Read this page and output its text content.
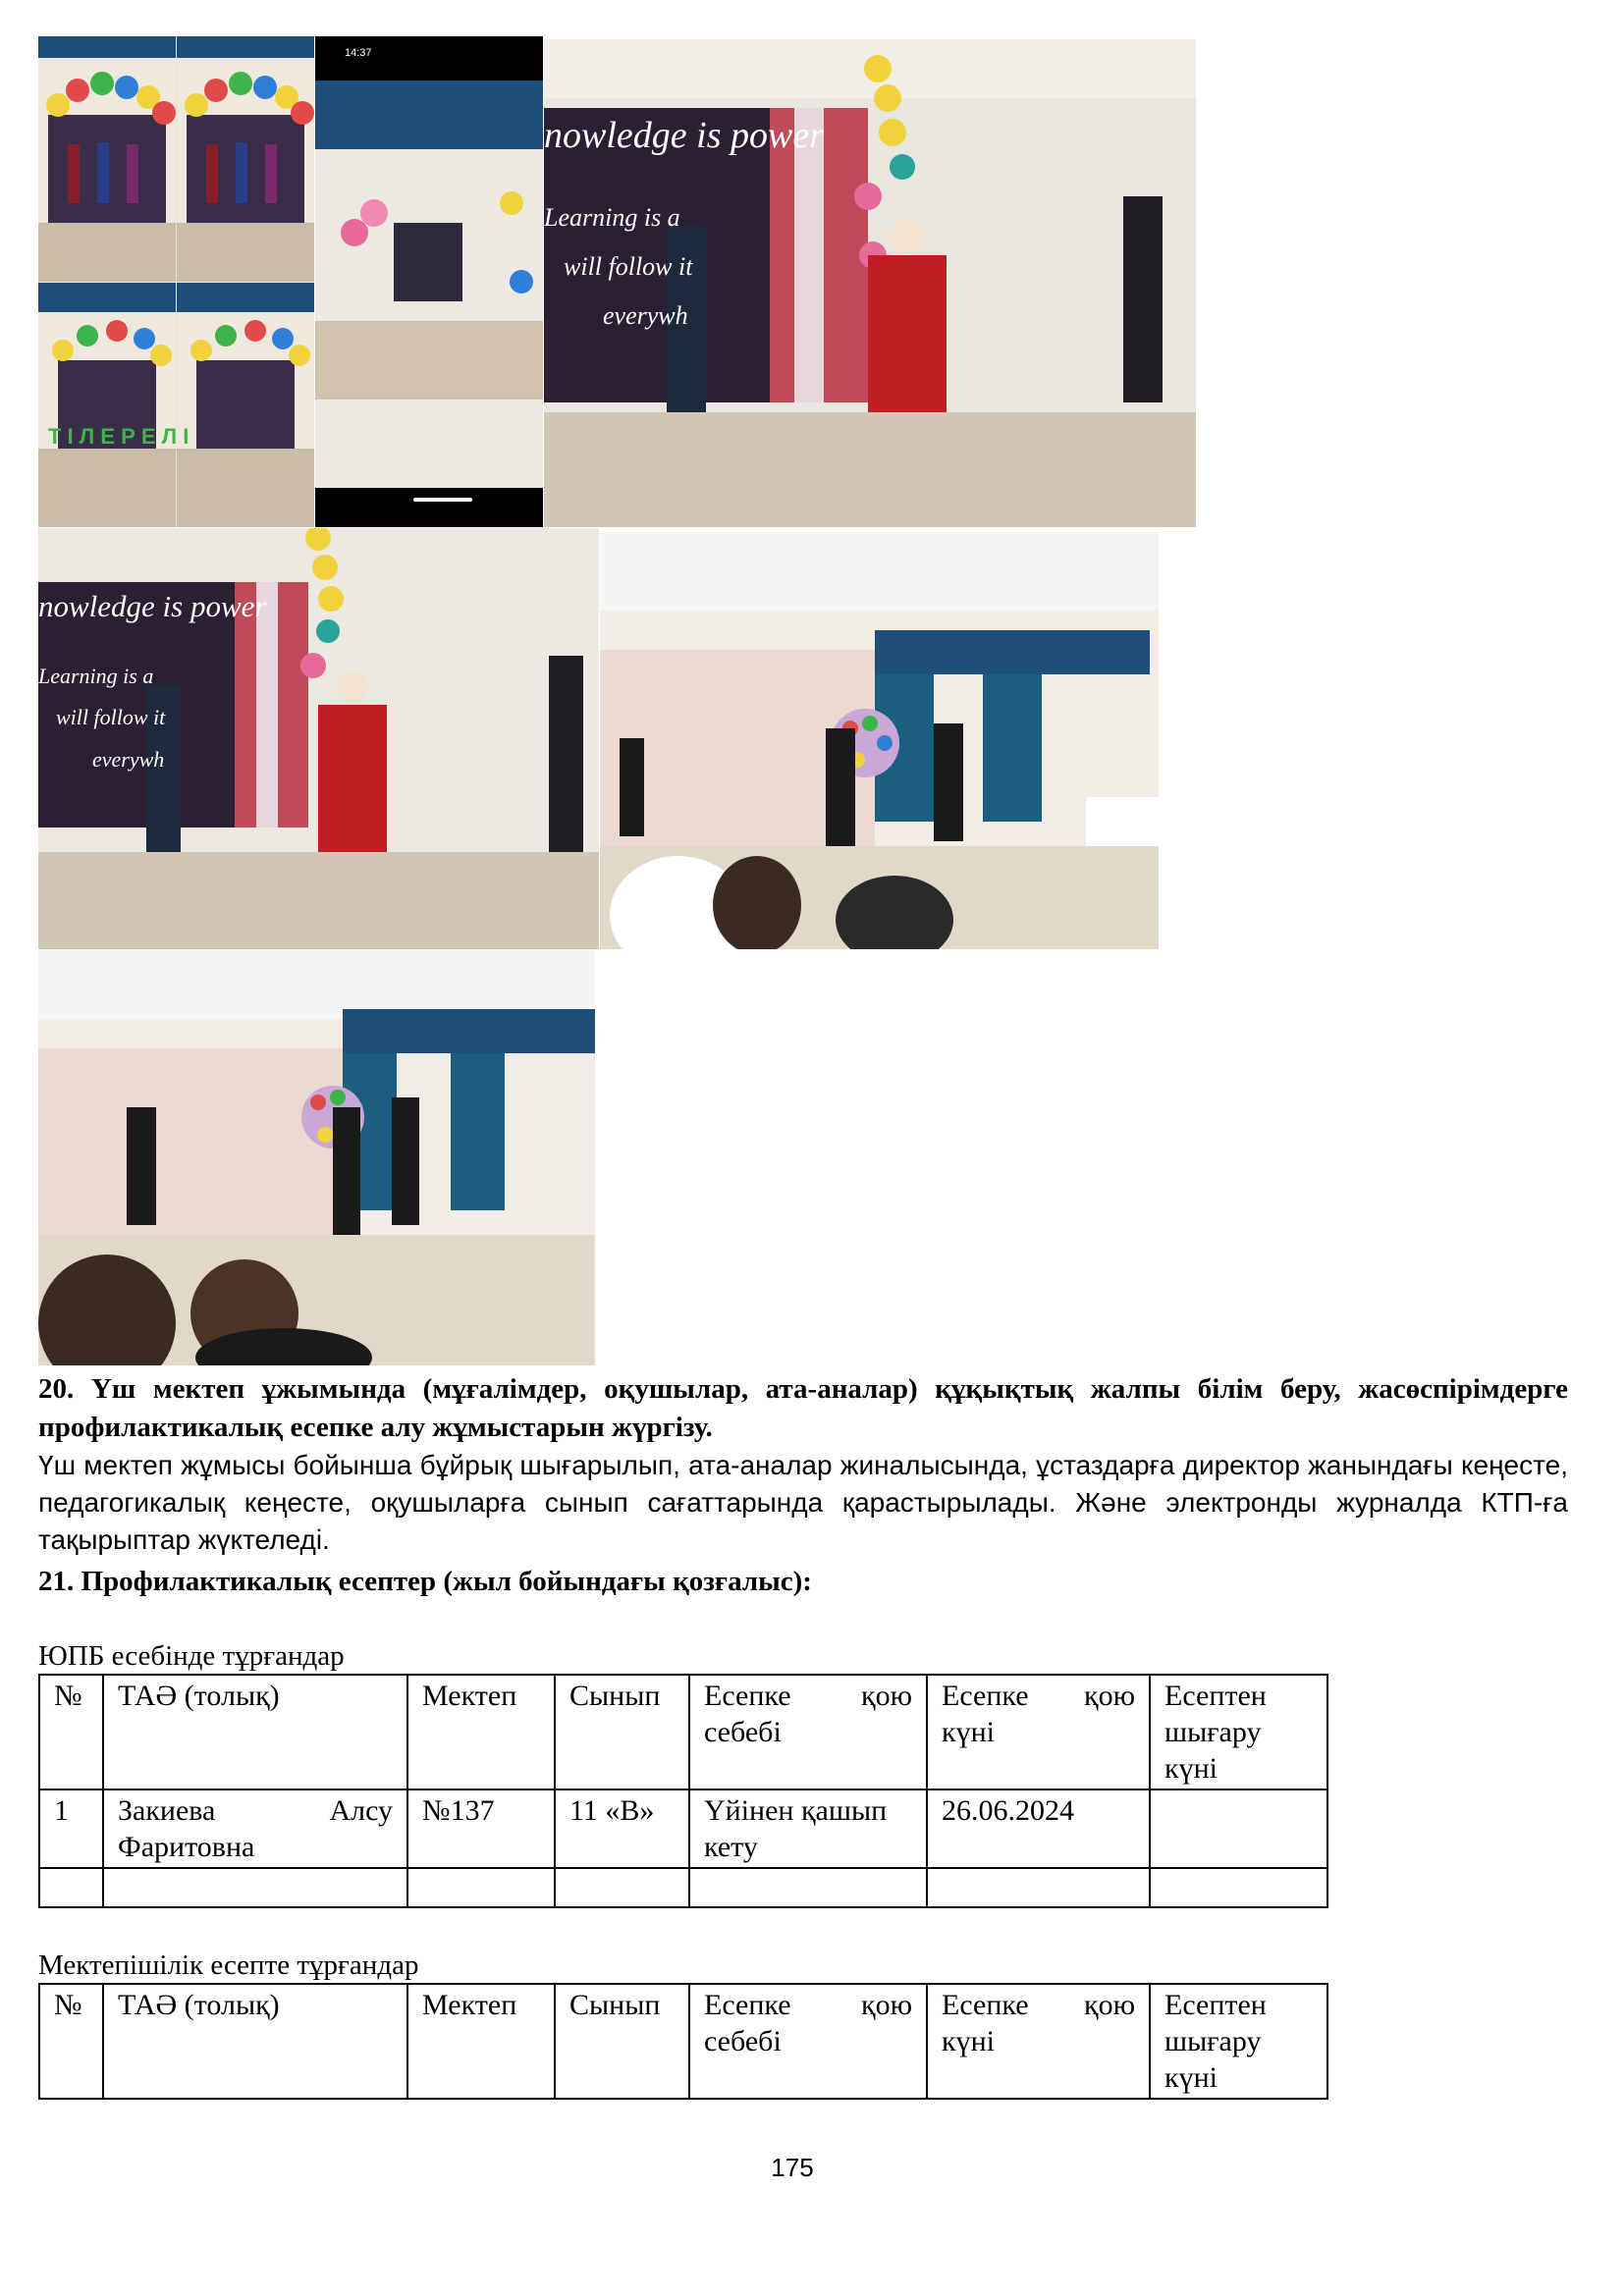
Т І Л Е Р Е Л І
14:37
nowledge is power
Learning is a
will follow it
everywh
nowledge is power
Learning is a
will follow it
everywh
20. Үш мектеп ұжымында (мұғалімдер, оқушылар, ата-аналар) құқықтық жалпы білім беру, жасөспірімдерге профилактикалық есепке алу жұмыстарын жүргізу.
Үш мектеп жұмысы бойынша бұйрық шығарылып, ата-аналар жиналысында, ұстаздарға директор жанындағы кеңесте, педагогикалық кеңесте, оқушыларға сынып сағаттарында қарастырылады. Және электронды журналда КТП-ға тақырыптар жүктеледі.
21. Профилактикалық есептер (жыл бойындағы қозғалыс):
ЮПБ есебінде тұрғандар
№	ТАӘ (толық)	Мектеп	Сынып	Есепке қою себебі	Есепке қою күні	Есептен шығару күні
1	Закиева Алсу Фаритовна	№137	11 «В»	Үйінен қашып кету	26.06.2024	

Мектепішілік есепте тұрғандар
№	ТАӘ (толық)	Мектеп	Сынып	Есепке қою себебі	Есепке қою күні	Есептен шығару күні
175
